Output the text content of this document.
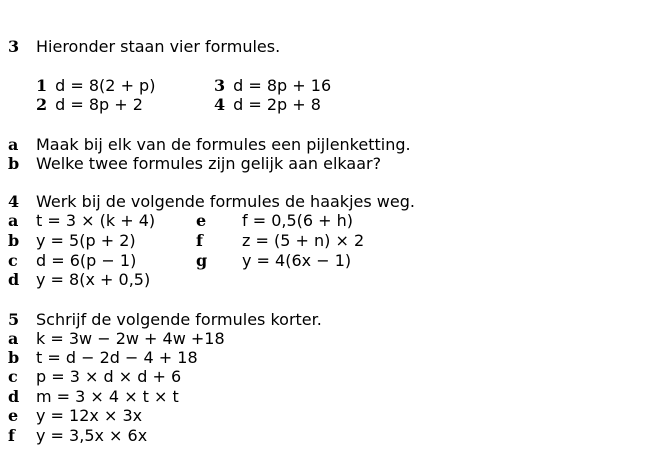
3 Hieronder staan vier formules.
1 d = 8(2 + p)
2 d = 8p + 2
3 d = 8p + 16
4 d = 2p + 8
a Maak bij elk van de formules een pijlenketting.
b Welke twee formules zijn gelijk aan elkaar?
4 Werk bij de volgende formules de haakjes weg.
a t = 3 × (k + 4)
b y = 5(p + 2)
c d = 6(p − 1)
d y = 8(x + 0,5)
e f = 0,5(6 + h)
f z = (5 + n) × 2
g y = 4(6x − 1)
5 Schrijf de volgende formules korter.
a k = 3w − 2w + 4w +18
b t = d − 2d − 4 + 18
c p = 3 × d × d + 6
d m = 3 × 4 × t × t
e y = 12x × 3x
f y = 3,5x × 6x
